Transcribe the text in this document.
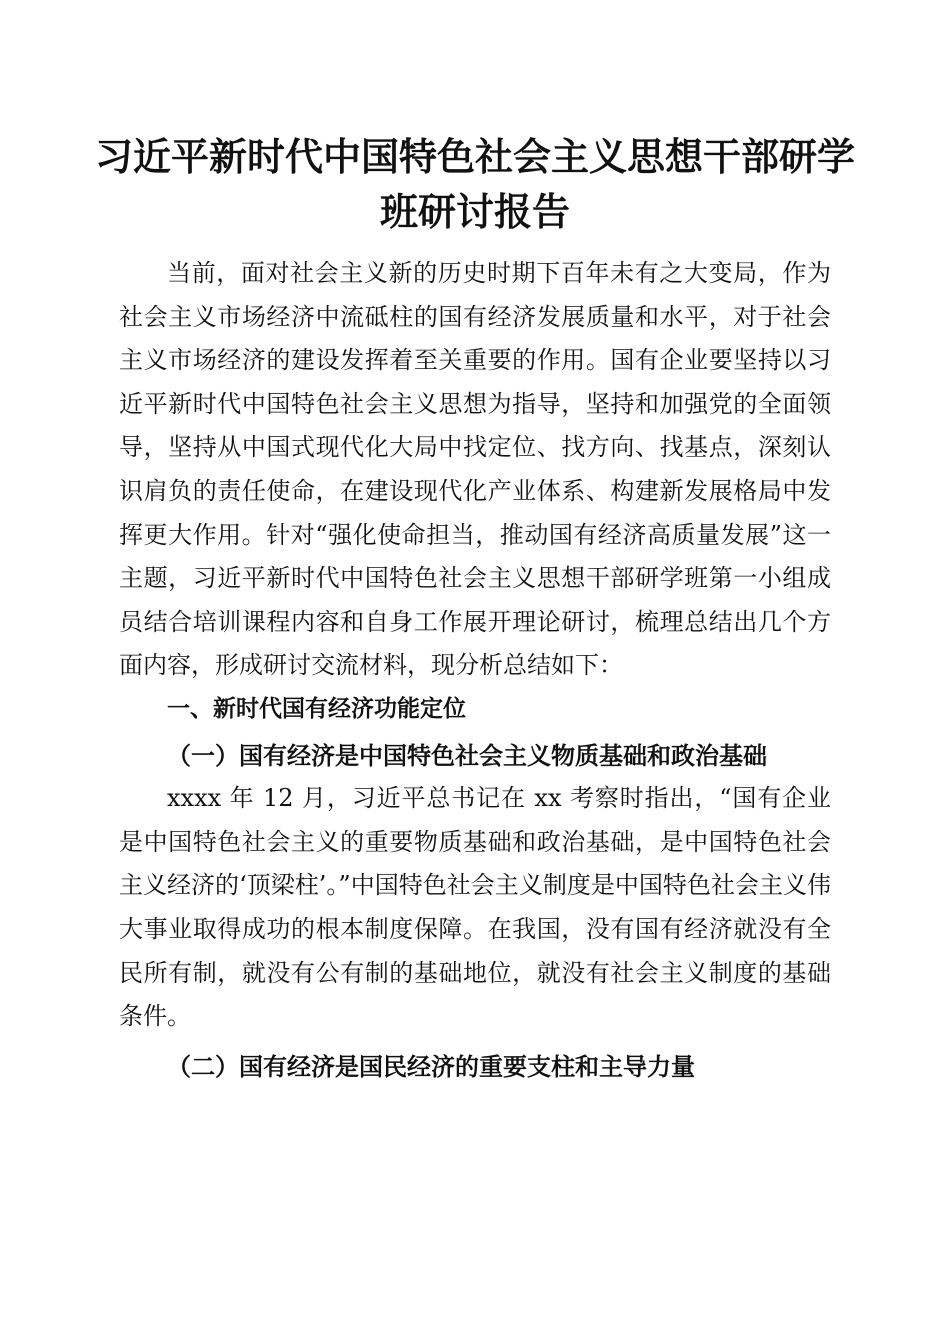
习近平新时代中国特色社会主义思想干部研学
班研讨报告

当前，面对社会主义新的历史时期下百年未有之大变局，作为社会主义市场经济中流砥柱的国有经济发展质量和水平，对于社会主义市场经济的建设发挥着至关重要的作用。国有企业要坚持以习近平新时代中国特色社会主义思想为指导，坚持和加强党的全面领导，坚持从中国式现代化大局中找定位、找方向、找基点，深刻认识肩负的责任使命，在建设现代化产业体系、构建新发展格局中发挥更大作用。针对“强化使命担当，推动国有经济高质量发展”这一主题，习近平新时代中国特色社会主义思想干部研学班第一小组成员结合培训课程内容和自身工作展开理论研讨，梳理总结出几个方面内容，形成研讨交流材料，现分析总结如下：

一、新时代国有经济功能定位

（一）国有经济是中国特色社会主义物质基础和政治基础

xxxx 年 12 月，习近平总书记在 xx 考察时指出，“国有企业是中国特色社会主义的重要物质基础和政治基础，是中国特色社会主义经济的‘顶梁柱’。”中国特色社会主义制度是中国特色社会主义伟大事业取得成功的根本制度保障。在我国，没有国有经济就没有全民所有制，就没有公有制的基础地位，就没有社会主义制度的基础条件。

（二）国有经济是国民经济的重要支柱和主导力量
